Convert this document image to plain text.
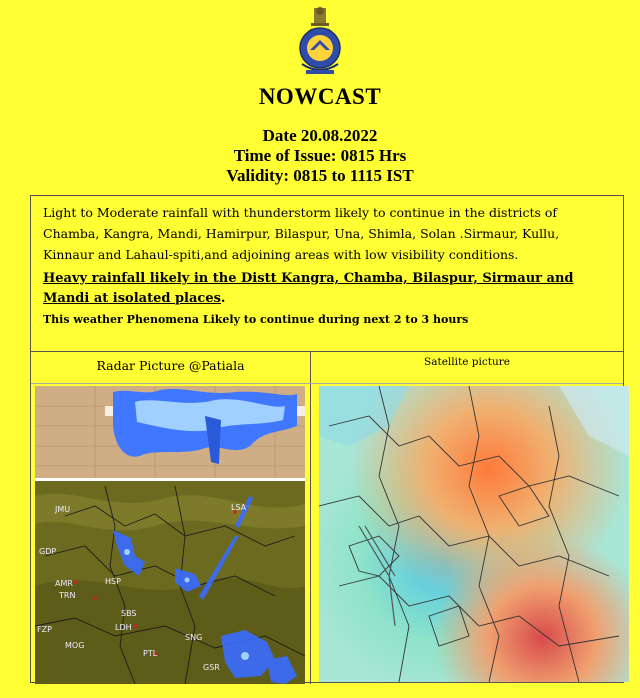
NOWCAST
Date 20.08.2022
Time of Issue: 0815 Hrs
Validity: 0815 to 1115 IST

Light to Moderate rainfall with thunderstorm likely to continue in the districts of Chamba, Kangra, Mandi, Hamirpur, Bilaspur, Una, Shimla, Solan .Sirmaur, Kullu, Kinnaur and Lahaul-spiti,and adjoining areas with low visibility conditions.

Heavy rainfall likely in the Distt Kangra, Chamba, Bilaspur, Sirmaur and Mandi at isolated places.

This weather Phenomena Likely to continue during next 2 to 3 hours

Radar Picture @Patiala	Satellite picture
JMU
GDP
AMR
TRN
FZP
MOG
HSP
SBS
LDH
PTL
LSA
SNG
GSR
